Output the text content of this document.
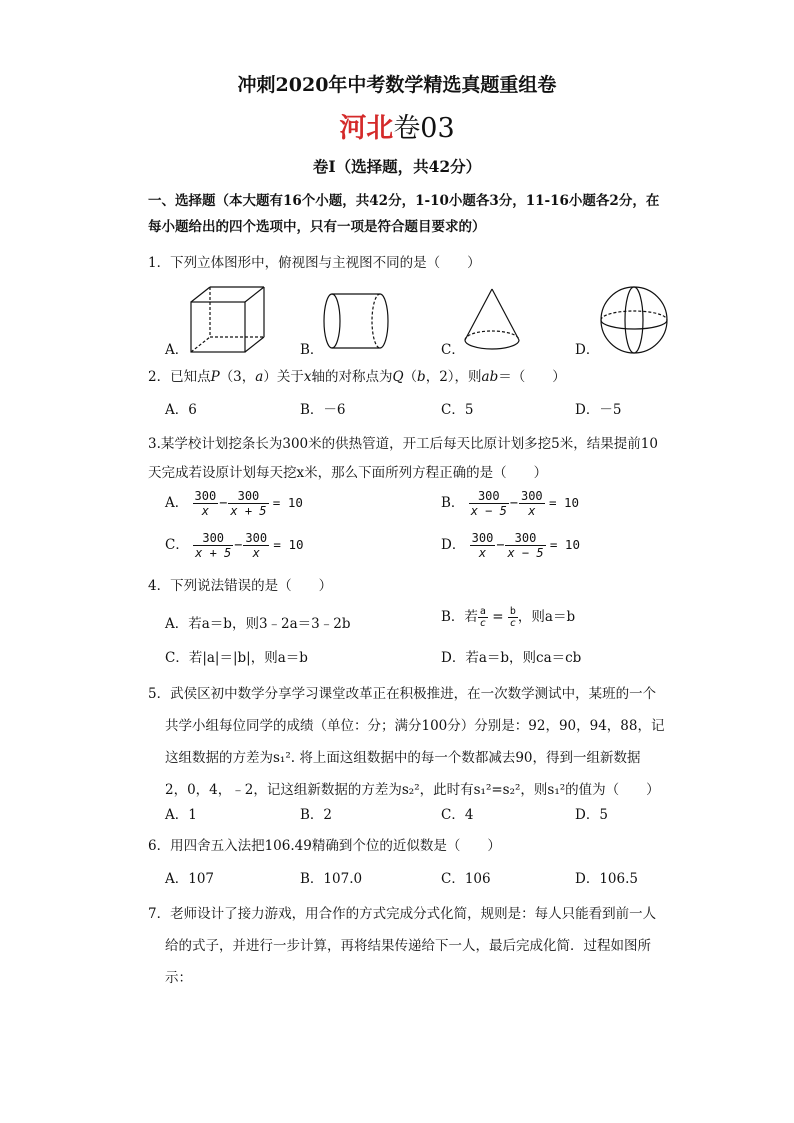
冲刺2020年中考数学精选真题重组卷
河北卷03
卷Ⅰ（选择题，共42分）
一、选择题（本大题有16个小题，共42分，1-10小题各3分，11-16小题各2分，在
每小题给出的四个选项中，只有一项是符合题目要求的）
1．下列立体图形中，俯视图与主视图不同的是（　　）
A．	B．	C．	D．
2．已知点P（3，a）关于x轴的对称点为Q（b，2），则ab＝（　　）
A．6	B．－6	C．5	D．－5
3.某学校计划挖条长为300米的供热管道，开工后每天比原计划多挖5米，结果提前10
天完成若设原计划每天挖x米，那么下面所列方程正确的是（　　）
A． $\frac{300}{x} - \frac{300}{x + 5} = 10$	B． $\frac{300}{x - 5} - \frac{300}{x} = 10$
C． $\frac{300}{x + 5} - \frac{300}{x} = 10$	D． $\frac{300}{x} - \frac{300}{x - 5} = 10$
4．下列说法错误的是（　　）
A．若a＝b，则3﹣2a＝3﹣2b	B．若 $\frac{a}{c} = \frac{b}{c}$ ，则a＝b
C．若|a|＝|b|，则a＝b	D．若a＝b，则ca＝cb
5．武侯区初中数学分享学习课堂改革正在积极推进，在一次数学测试中，某班的一个
共学小组每位同学的成绩（单位：分；满分100分）分别是：92，90，94，88，记
这组数据的方差为s₁². 将上面这组数据中的每一个数都减去90，得到一组新数据
2，0，4，﹣2，记这组新数据的方差为s₂²，此时有s₁²=s₂²，则s₁²的值为（　　）
A．1	B．2	C．4	D．5
6．用四舍五入法把106.49精确到个位的近似数是（　　）
A．107	B．107.0	C．106	D．106.5
7．老师设计了接力游戏，用合作的方式完成分式化简，规则是：每人只能看到前一人
给的式子，并进行一步计算，再将结果传递给下一人，最后完成化简．过程如图所
示：
